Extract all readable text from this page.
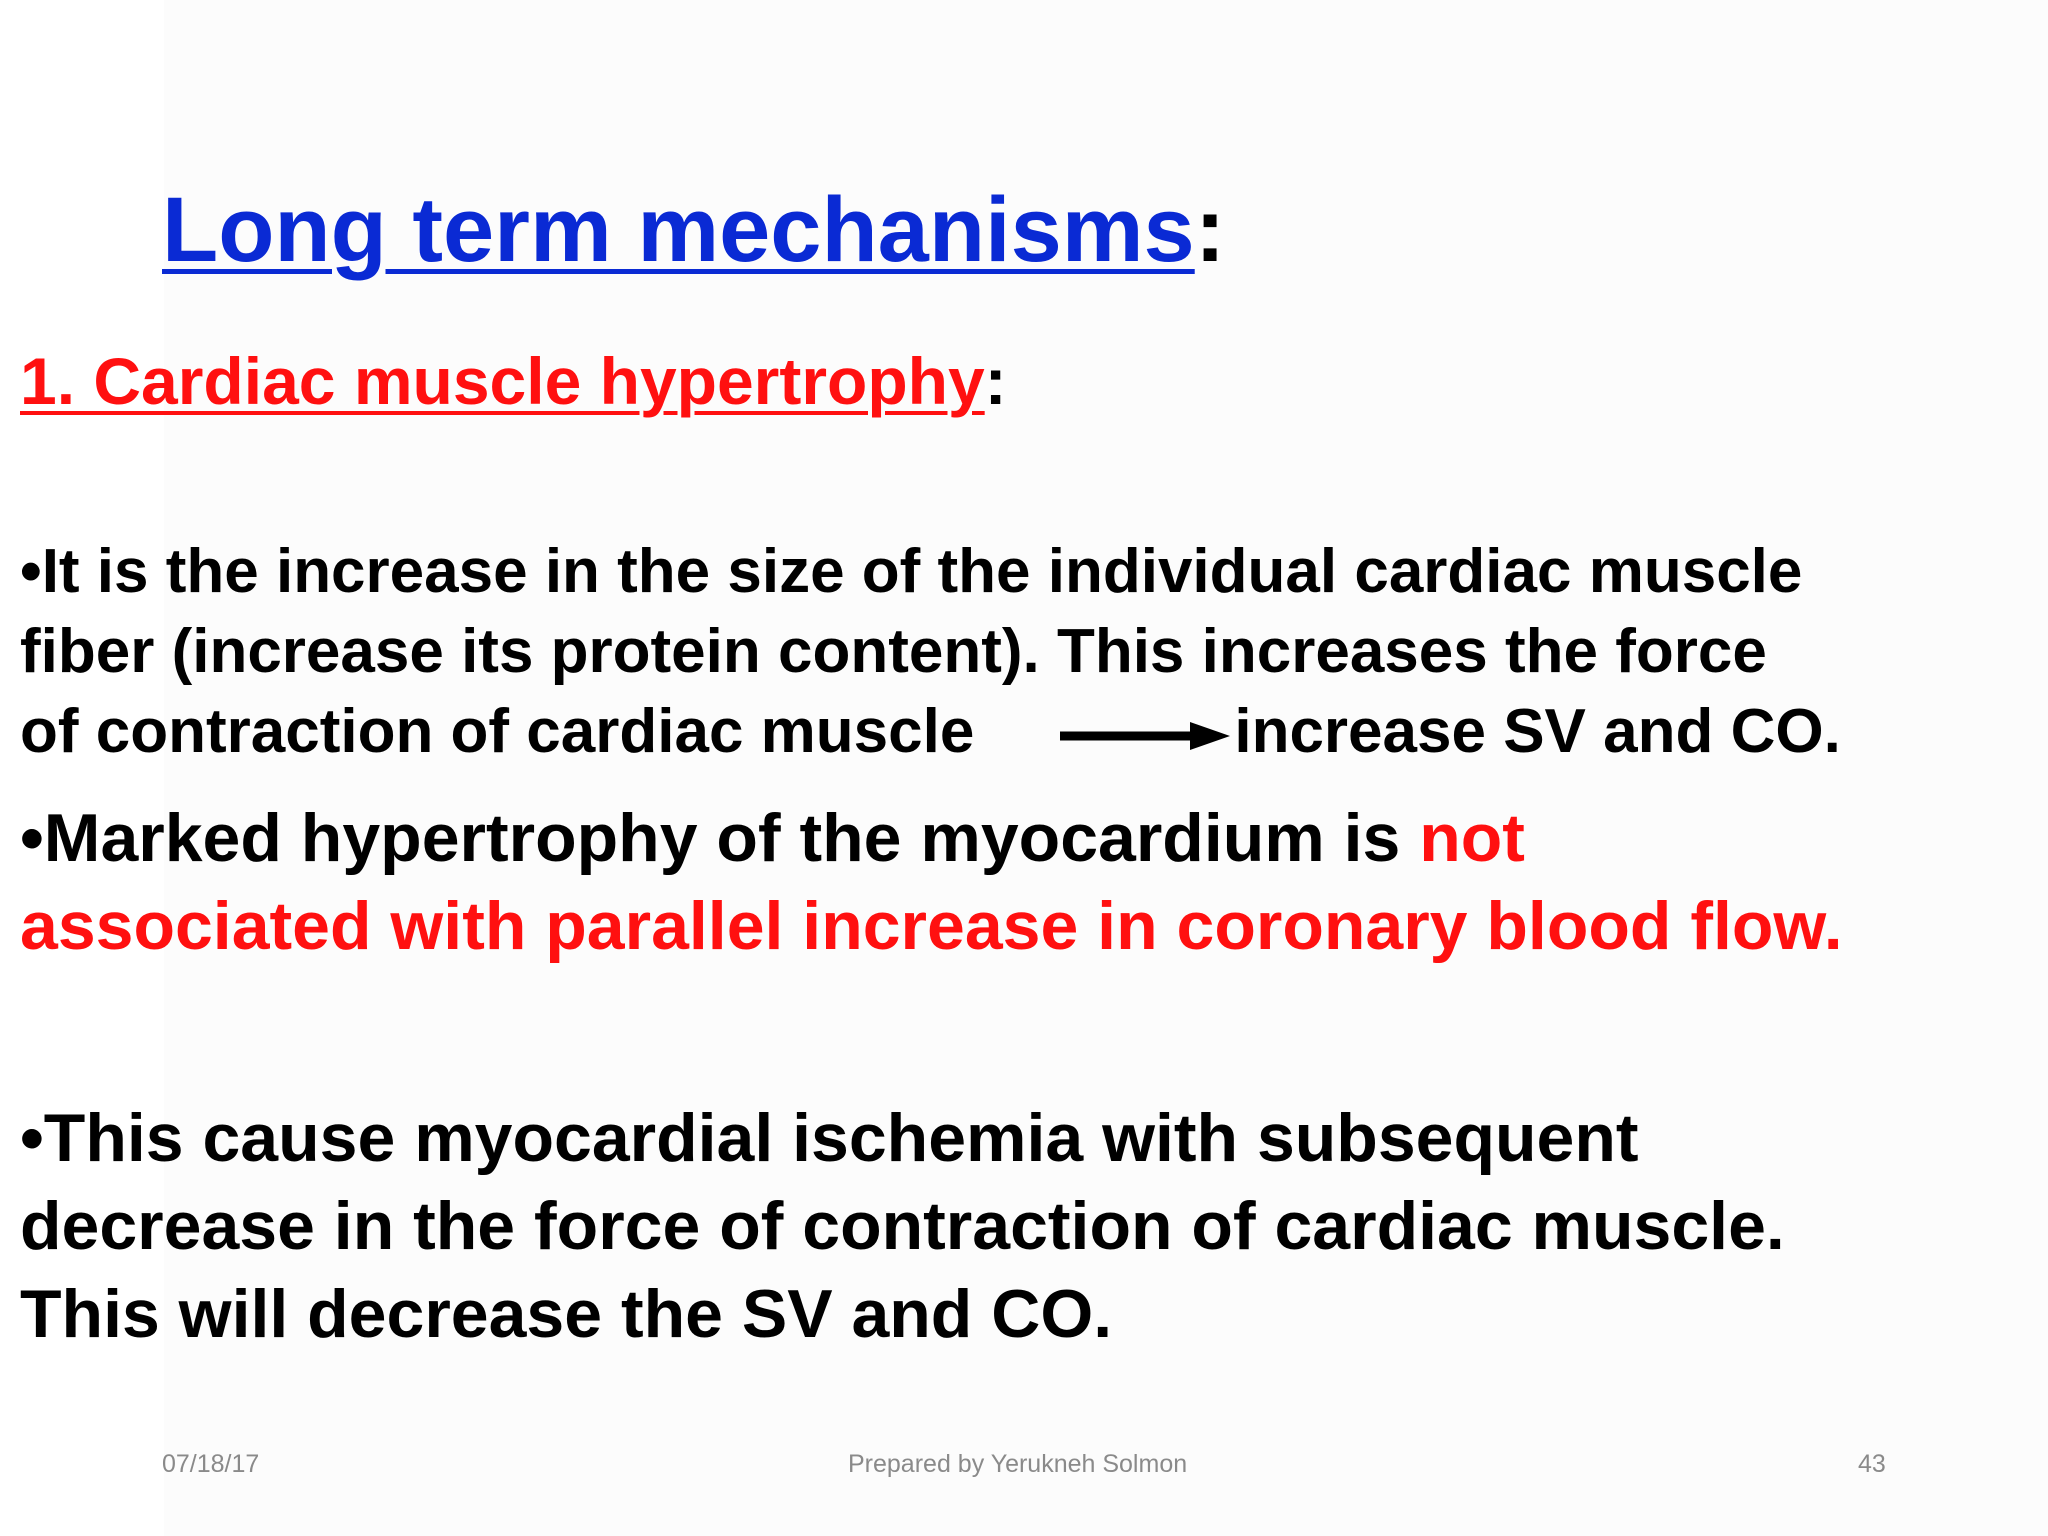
Long term mechanisms:
1. Cardiac muscle hypertrophy:
•It is the increase in the size of the individual cardiac muscle
fiber (increase its protein content). This increases the force
of contraction of cardiac muscle	increase SV and CO.
•Marked hypertrophy of the myocardium is not
associated with parallel increase in coronary blood flow.
•This cause myocardial ischemia with subsequent
decrease in the force of contraction of cardiac muscle.
This will decrease the SV and CO.
07/18/17	Prepared by Yerukneh Solmon	43
